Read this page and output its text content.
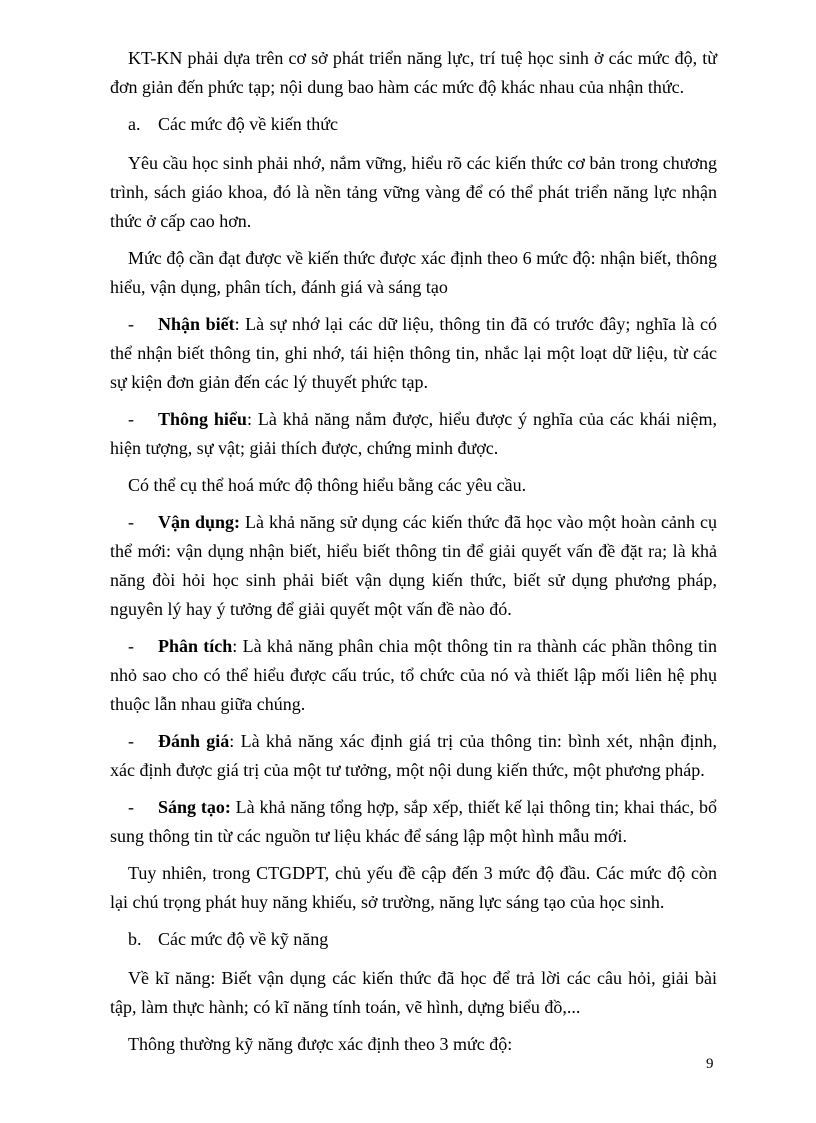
KT-KN phải dựa trên cơ sở phát triển năng lực, trí tuệ học sinh ở các mức độ, từ đơn giản đến phức tạp; nội dung bao hàm các mức độ khác nhau của nhận thức.

a. Các mức độ về kiến thức

Yêu cầu học sinh phải nhớ, nắm vững, hiểu rõ các kiến thức cơ bản trong chương trình, sách giáo khoa, đó là nền tảng vững vàng để có thể phát triển năng lực nhận thức ở cấp cao hơn.

Mức độ cần đạt được về kiến thức được xác định theo 6 mức độ: nhận biết, thông hiểu, vận dụng, phân tích, đánh giá và sáng tạo

- Nhận biết: Là sự nhớ lại các dữ liệu, thông tin đã có trước đây; nghĩa là có thể nhận biết thông tin, ghi nhớ, tái hiện thông tin, nhắc lại một loạt dữ liệu, từ các sự kiện đơn giản đến các lý thuyết phức tạp.

- Thông hiểu: Là khả năng nắm được, hiểu được ý nghĩa của các khái niệm, hiện tượng, sự vật; giải thích được, chứng minh được.

Có thể cụ thể hoá mức độ thông hiểu bằng các yêu cầu.

- Vận dụng: Là khả năng sử dụng các kiến thức đã học vào một hoàn cảnh cụ thể mới: vận dụng nhận biết, hiểu biết thông tin để giải quyết vấn đề đặt ra; là khả năng đòi hỏi học sinh phải biết vận dụng kiến thức, biết sử dụng phương pháp, nguyên lý hay ý tưởng để giải quyết một vấn đề nào đó.

- Phân tích: Là khả năng phân chia một thông tin ra thành các phần thông tin nhỏ sao cho có thể hiểu được cấu trúc, tổ chức của nó và thiết lập mối liên hệ phụ thuộc lẫn nhau giữa chúng.

- Đánh giá: Là khả năng xác định giá trị của thông tin: bình xét, nhận định, xác định được giá trị của một tư tưởng, một nội dung kiến thức, một phương pháp.

- Sáng tạo: Là khả năng tổng hợp, sắp xếp, thiết kế lại thông tin; khai thác, bổ sung thông tin từ các nguồn tư liệu khác để sáng lập một hình mẫu mới.

Tuy nhiên, trong CTGDPT, chủ yếu đề cập đến 3 mức độ đầu. Các mức độ còn lại chú trọng phát huy năng khiếu, sở trường, năng lực sáng tạo của học sinh.

b. Các mức độ về kỹ năng

Về kĩ năng: Biết vận dụng các kiến thức đã học để trả lời các câu hỏi, giải bài tập, làm thực hành; có kĩ năng tính toán, vẽ hình, dựng biểu đồ,...

Thông thường kỹ năng được xác định theo 3 mức độ:

9
